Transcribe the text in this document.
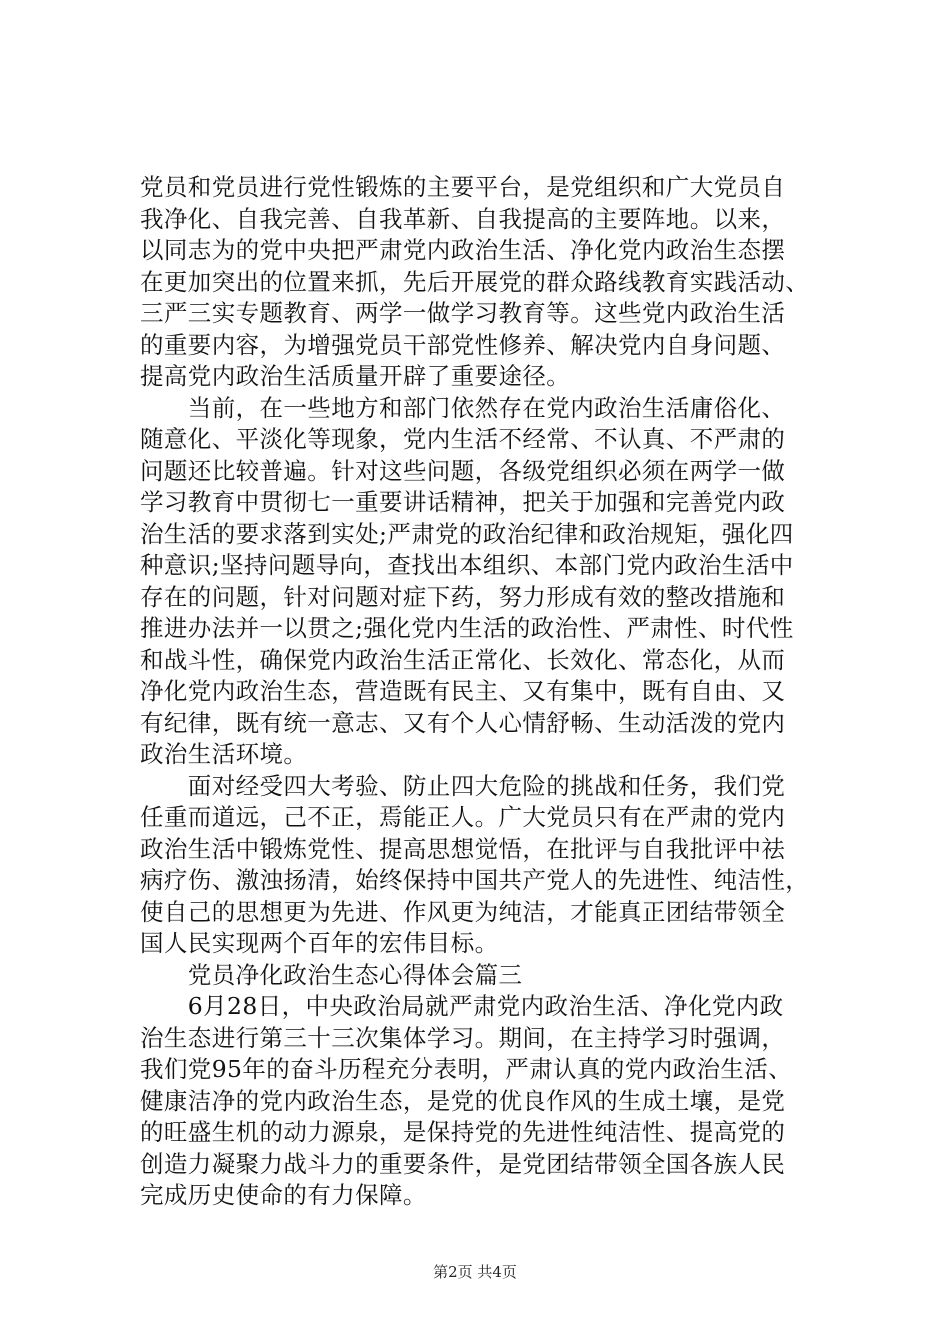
党员和党员进行党性锻炼的主要平台，是党组织和广大党员自
我净化、自我完善、自我革新、自我提高的主要阵地。以来，
以同志为的党中央把严肃党内政治生活、净化党内政治生态摆
在更加突出的位置来抓，先后开展党的群众路线教育实践活动、
三严三实专题教育、两学一做学习教育等。这些党内政治生活
的重要内容，为增强党员干部党性修养、解决党内自身问题、
提高党内政治生活质量开辟了重要途径。
　　当前，在一些地方和部门依然存在党内政治生活庸俗化、
随意化、平淡化等现象，党内生活不经常、不认真、不严肃的
问题还比较普遍。针对这些问题，各级党组织必须在两学一做
学习教育中贯彻七一重要讲话精神，把关于加强和完善党内政
治生活的要求落到实处;严肃党的政治纪律和政治规矩，强化四
种意识;坚持问题导向，查找出本组织、本部门党内政治生活中
存在的问题，针对问题对症下药，努力形成有效的整改措施和
推进办法并一以贯之;强化党内生活的政治性、严肃性、时代性
和战斗性，确保党内政治生活正常化、长效化、常态化，从而
净化党内政治生态，营造既有民主、又有集中，既有自由、又
有纪律，既有统一意志、又有个人心情舒畅、生动活泼的党内
政治生活环境。
　　面对经受四大考验、防止四大危险的挑战和任务，我们党
任重而道远，己不正，焉能正人。广大党员只有在严肃的党内
政治生活中锻炼党性、提高思想觉悟，在批评与自我批评中祛
病疗伤、激浊扬清，始终保持中国共产党人的先进性、纯洁性，
使自己的思想更为先进、作风更为纯洁，才能真正团结带领全
国人民实现两个百年的宏伟目标。
　　党员净化政治生态心得体会篇三
　　6月28日，中央政治局就严肃党内政治生活、净化党内政
治生态进行第三十三次集体学习。期间，在主持学习时强调，
我们党95年的奋斗历程充分表明，严肃认真的党内政治生活、
健康洁净的党内政治生态，是党的优良作风的生成土壤，是党
的旺盛生机的动力源泉，是保持党的先进性纯洁性、提高党的
创造力凝聚力战斗力的重要条件，是党团结带领全国各族人民
完成历史使命的有力保障。
第2页 共4页
